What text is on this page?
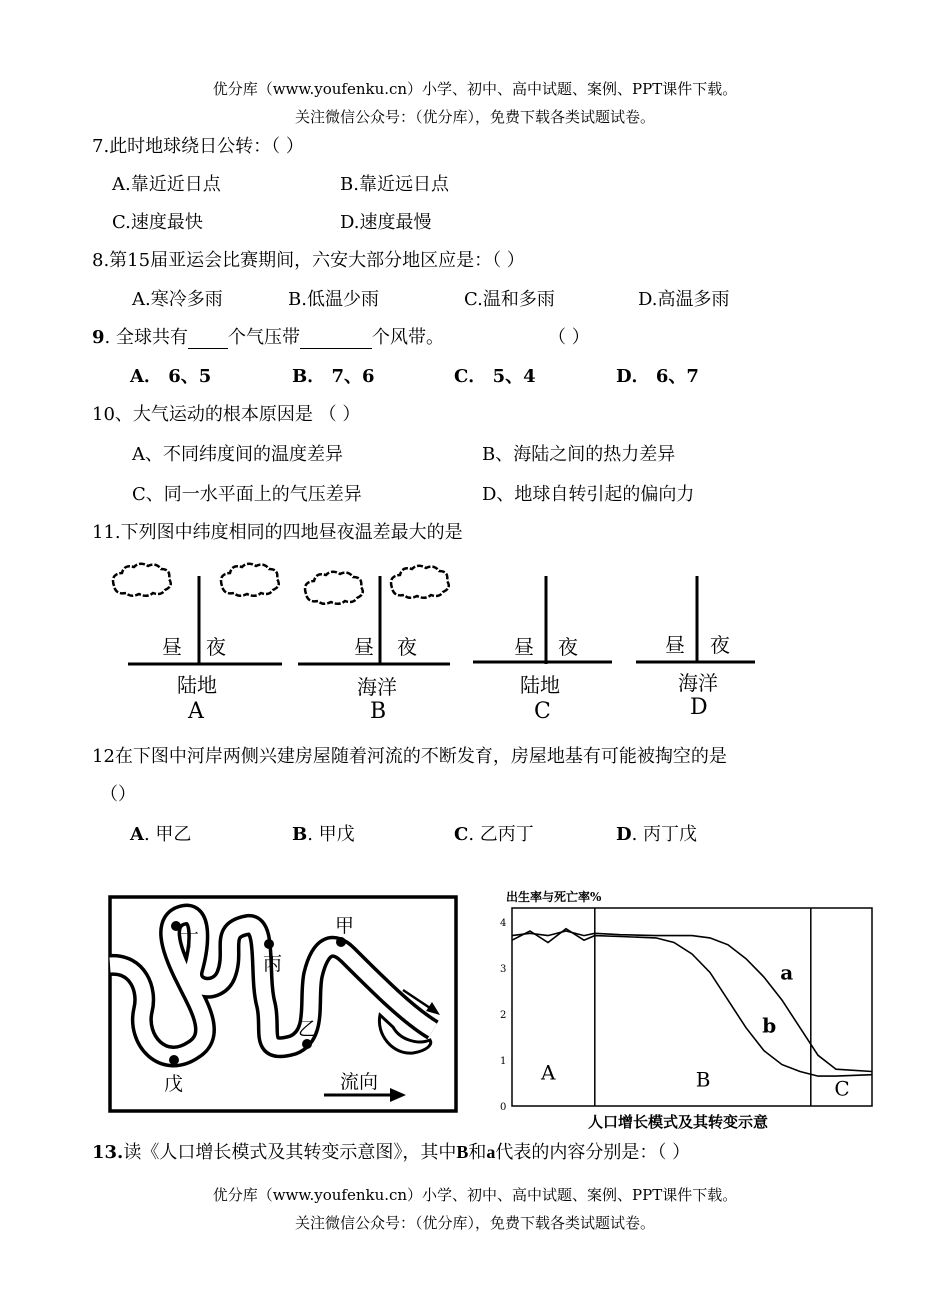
优分库（www.youfenku.cn）小学、初中、高中试题、案例、PPT课件下载。
关注微信公众号：（优分库），免费下载各类试题试卷。
7.此时地球绕日公转：（ ）
A.靠近近日点	B.靠近远日点
C.速度最快	D.速度最慢
8.第15届亚运会比赛期间，六安大部分地区应是：（ ）
A.寒冷多雨	B.低温少雨	C.温和多雨	D.高温多雨
9. 全球共有 个气压带	个风带。	（ ）
A． 6、5	B． 7、6	C． 5、4	D． 6、7
10、大气运动的根本原因是 （ ）
A、不同纬度间的温度差异	B、海陆之间的热力差异
C、同一水平面上的气压差异	D、地球自转引起的偏向力
11.下列图中纬度相同的四地昼夜温差最大的是
昼 夜
陆地
A
昼 夜
海洋
B
昼 夜
陆地
C
昼 夜
海洋
D
12在下图中河岸两侧兴建房屋随着河流的不断发育，房屋地基有可能被掏空的是
（）
A. 甲乙	B. 甲戊	C. 乙丙丁	D. 丙丁戊
甲
乙
丙
丁
戊	流向
出生率与死亡率%
0
1
2
3
4
A	B	C
a
b
人口增长模式及其转变示意
13.读《人口增长模式及其转变示意图》，其中B和a代表的内容分别是：（ ）
优分库（www.youfenku.cn）小学、初中、高中试题、案例、PPT课件下载。
关注微信公众号：（优分库），免费下载各类试题试卷。
